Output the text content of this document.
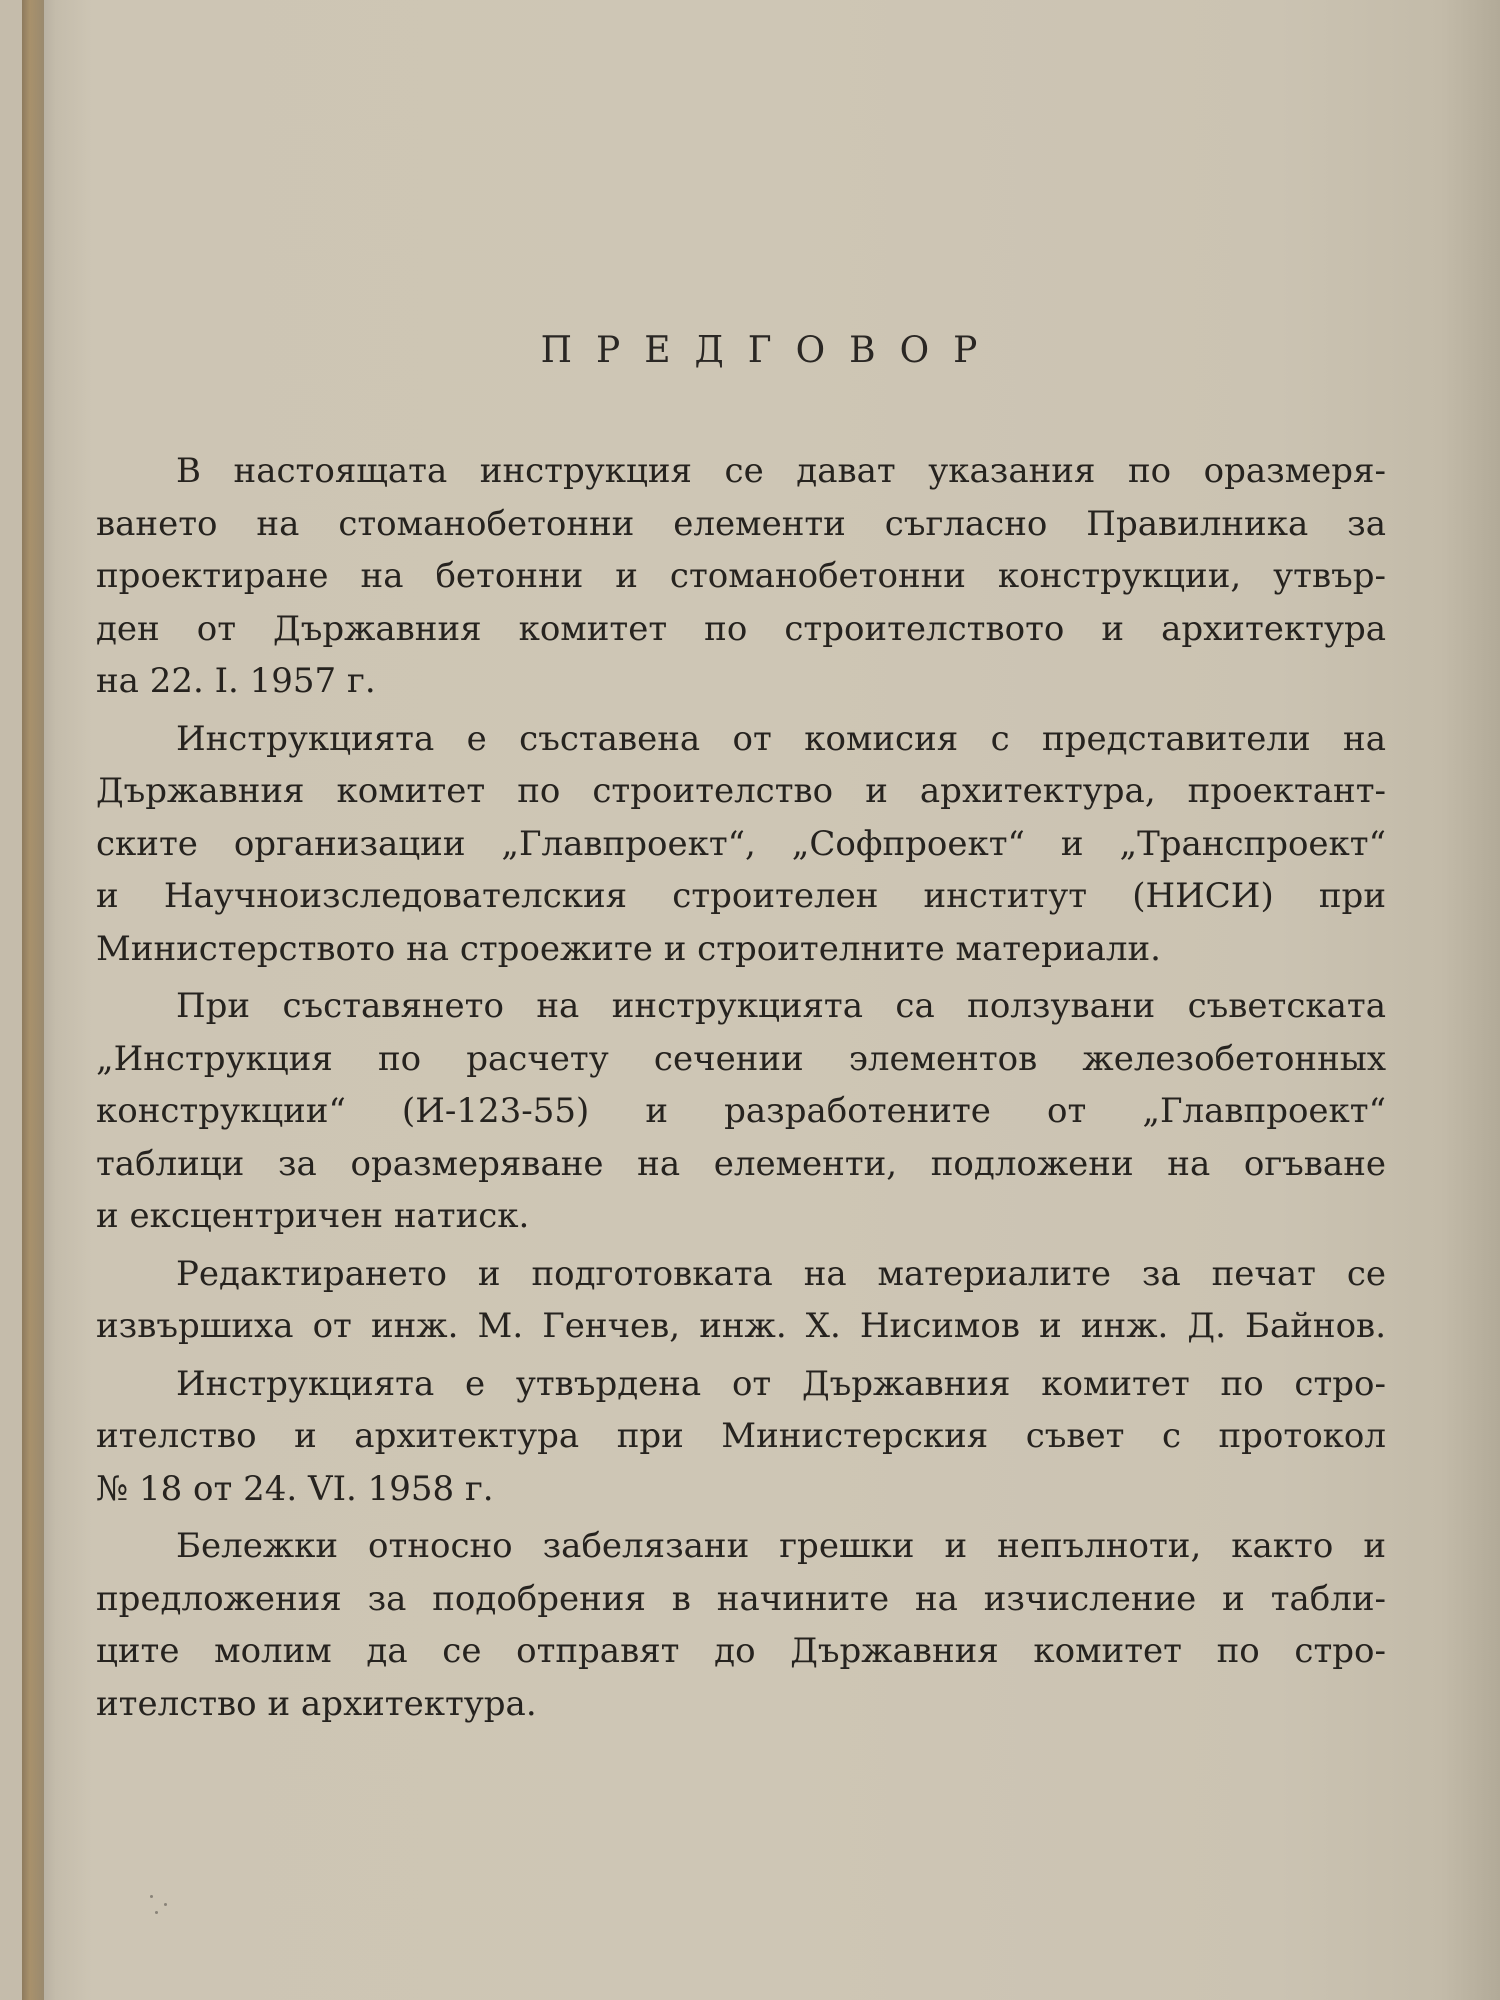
ПРЕДГОВОР

В настоящата инструкция се дават указания по оразмеря-
ването на стоманобетонни елементи съгласно Правилника за
проектиране на бетонни и стоманобетонни конструкции, утвър-
ден от Държавния комитет по строителството и архитектура
на 22. I. 1957 г.

Инструкцията е съставена от комисия с представители на
Държавния комитет по строителство и архитектура, проектант-
ските организации „Главпроект“, „Софпроект“ и „Транспроект“
и Научноизследователския строителен институт (НИСИ) при
Министерството на строежите и строителните материали.

При съставянето на инструкцията са ползувани съветската
„Инструкция по расчету сечении элементов железобетонных
конструкции“ (И-123-55) и разработените от „Главпроект“
таблици за оразмеряване на елементи, подложени на огъване
и ексцентричен натиск.

Редактирането и подготовката на материалите за печат се
извършиха от инж. М. Генчев, инж. Х. Нисимов и инж. Д. Байнов.

Инструкцията е утвърдена от Държавния комитет по стро-
ителство и архитектура при Министерския съвет с протокол
№ 18 от 24. VI. 1958 г.

Бележки относно забелязани грешки и непълноти, както и
предложения за подобрения в начините на изчисление и табли-
ците молим да се отправят до Държавния комитет по стро-
ителство и архитектура.
